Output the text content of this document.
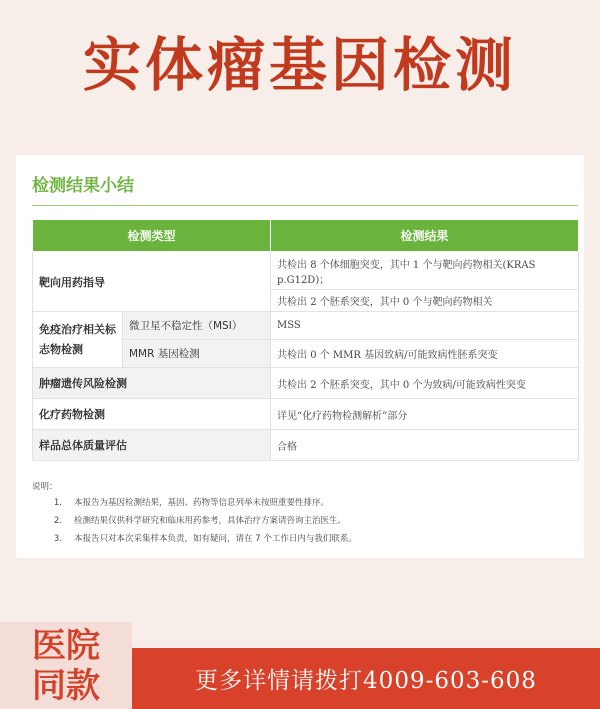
实体瘤基因检测
检测结果小结
检测类型		检测结果
靶向用药指导		共检出 8 个体细胞突变，其中 1 个与靶向药物相关(KRAS p.G12D)；
		共检出 2 个胚系突变，其中 0 个与靶向药物相关
免疫治疗相关标志物检测	微卫星不稳定性（MSI）	MSS
	MMR 基因检测	共检出 0 个 MMR 基因致病/可能致病性胚系突变
肿瘤遗传风险检测		共检出 2 个胚系突变，其中 0 个为致病/可能致病性突变
化疗药物检测		详见“化疗药物检测解析”部分
样品总体质量评估		合格
说明：
1.	本报告为基因检测结果，基因、药物等信息列举未按照重要性排序。
2.	检测结果仅供科学研究和临床用药参考，具体治疗方案请咨询主治医生。
3.	本报告只对本次采集样本负责，如有疑问，请在 7 个工作日内与我们联系。
医院
同款	更多详情请拨打4009-603-608
